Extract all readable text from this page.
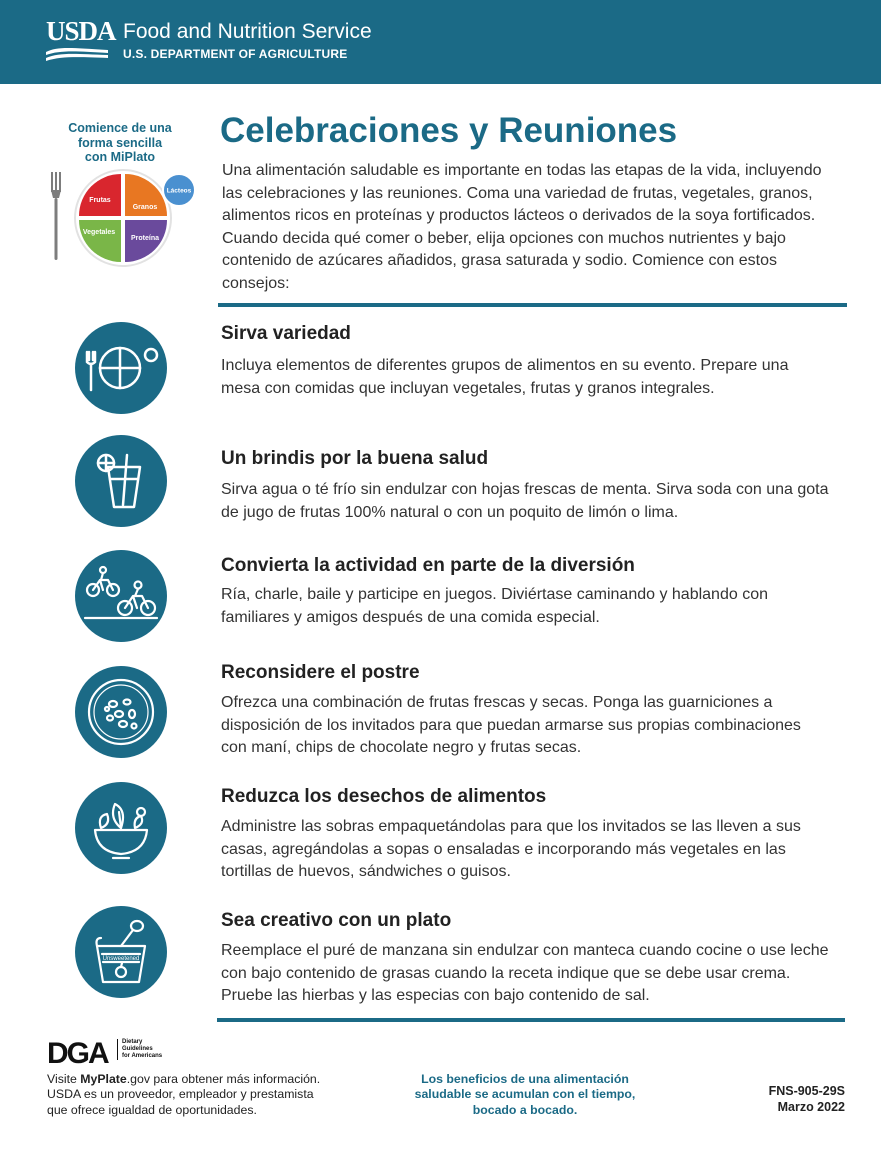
USDA Food and Nutrition Service
U.S. DEPARTMENT OF AGRICULTURE
Comience de una
forma sencilla
con MiPlato
Frutas
Granos
Vegetales
Proteína
Lácteos
Celebraciones y Reuniones

Una alimentación saludable es importante en todas las etapas de la vida, incluyendo las celebraciones y las reuniones. Coma una variedad de frutas, vegetales, granos, alimentos ricos en proteínas y productos lácteos o derivados de la soya fortificados. Cuando decida qué comer o beber, elija opciones con muchos nutrientes y bajo contenido de azúcares añadidos, grasa saturada y sodio. Comience con estos consejos:

Sirva variedad
Incluya elementos de diferentes grupos de alimentos en su evento. Prepare una mesa con comidas que incluyan vegetales, frutas y granos integrales.
Un brindis por la buena salud
Sirva agua o té frío sin endulzar con hojas frescas de menta. Sirva soda con una gota de jugo de frutas 100% natural o con un poquito de limón o lima.
Convierta la actividad en parte de la diversión
Ría, charle, baile y participe en juegos. Diviértase caminando y hablando con familiares y amigos después de una comida especial.
Reconsidere el postre
Ofrezca una combinación de frutas frescas y secas. Ponga las guarniciones a disposición de los invitados para que puedan armarse sus propias combinaciones con maní, chips de chocolate negro y frutas secas.
Reduzca los desechos de alimentos
Administre las sobras empaquetándolas para que los invitados se las lleven a sus casas, agregándolas a sopas o ensaladas e incorporando más vegetales en las tortillas de huevos, sándwiches o guisos.
Unsweetened
Sea creativo con un plato
Reemplace el puré de manzana sin endulzar con manteca cuando cocine o use leche con bajo contenido de grasas cuando la receta indique que se debe usar crema. Pruebe las hierbas y las especias con bajo contenido de sal.
DGA Dietary
Guidelines
for Americans
Visite MyPlate.gov para obtener más información.
USDA es un proveedor, empleador y prestamista
que ofrece igualdad de oportunidades.
Los beneficios de una alimentación
saludable se acumulan con el tiempo,
bocado a bocado.
FNS-905-29S
Marzo 2022
